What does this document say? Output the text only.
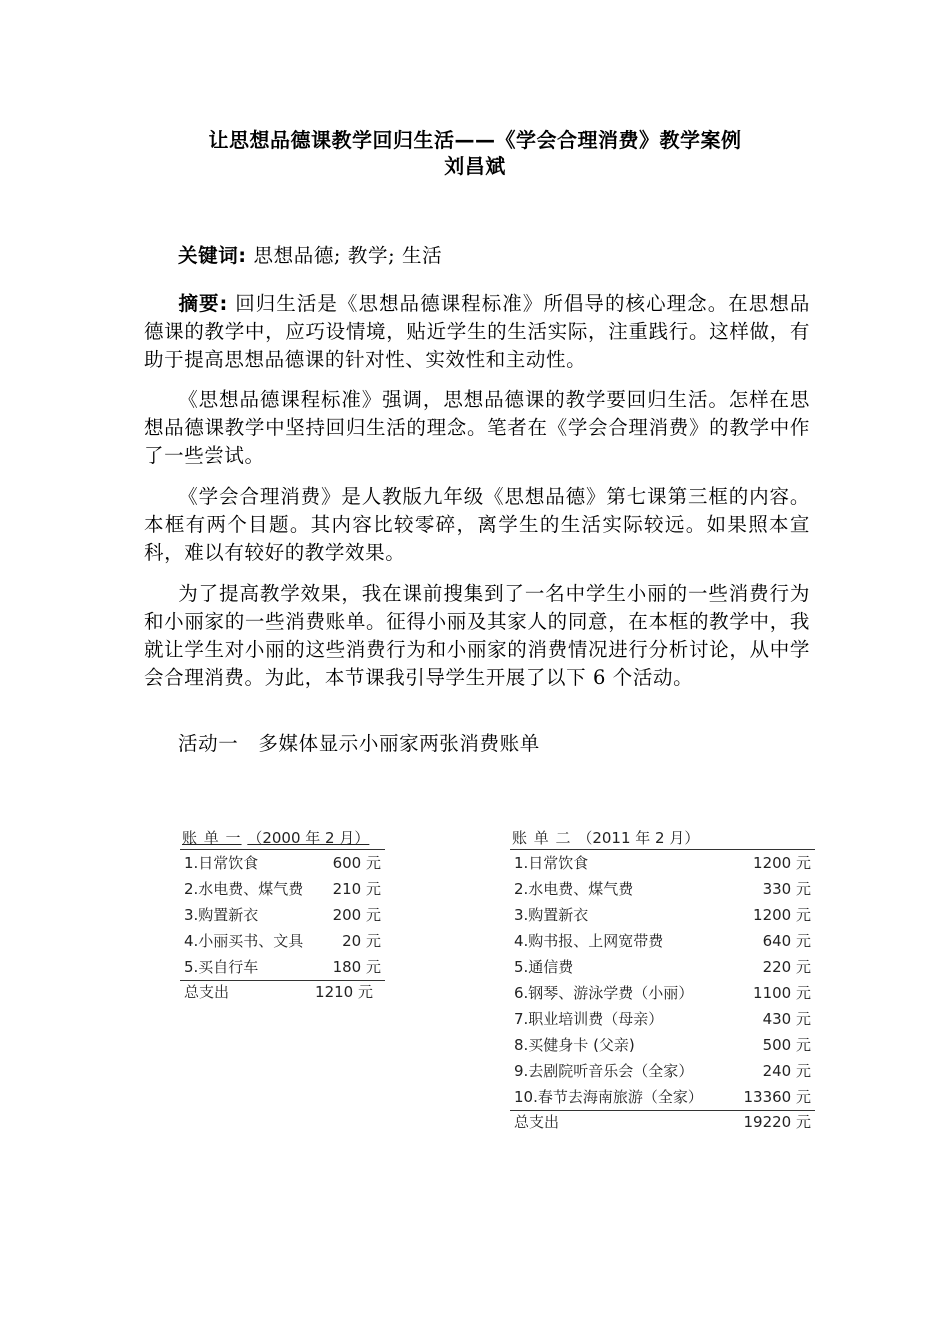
让思想品德课教学回归生活——《学会合理消费》教学案例
刘昌斌
关键词: 思想品德; 教学; 生活
摘要: 回归生活是《思想品德课程标准》所倡导的核心理念。在思想品德课的教学中，应巧设情境，贴近学生的生活实际，注重践行。这样做，有助于提高思想品德课的针对性、实效性和主动性。
《思想品德课程标准》强调，思想品德课的教学要回归生活。怎样在思想品德课教学中坚持回归生活的理念。笔者在《学会合理消费》的教学中作了一些尝试。
《学会合理消费》是人教版九年级《思想品德》第七课第三框的内容。本框有两个目题。其内容比较零碎，离学生的生活实际较远。如果照本宣科，难以有较好的教学效果。
为了提高教学效果，我在课前搜集到了一名中学生小丽的一些消费行为和小丽家的一些消费账单。征得小丽及其家人的同意，在本框的教学中，我就让学生对小丽的这些消费行为和小丽家的消费情况进行分析讨论，从中学会合理消费。为此，本节课我引导学生开展了以下 6 个活动。
活动一　多媒体显示小丽家两张消费账单
账 单 一 （2000 年 2 月）
1.日常饮食	600 元
2.水电费、煤气费 210 元
3.购置新衣	200 元
4.小丽买书、文具	20 元
5.买自行车	180 元
总支出	1210 元
账 单 二 （2011 年 2 月）
1.日常饮食	1200 元
2.水电费、煤气费	330 元
3.购置新衣	1200 元
4.购书报、上网宽带费	640 元
5.通信费	220 元
6.钢琴、游泳学费（小丽）	1100 元
7.职业培训费（母亲）	430 元
8.买健身卡 (父亲)	500 元
9.去剧院听音乐会（全家）	240 元
10.春节去海南旅游（全家）	13360 元
总支出	19220 元
